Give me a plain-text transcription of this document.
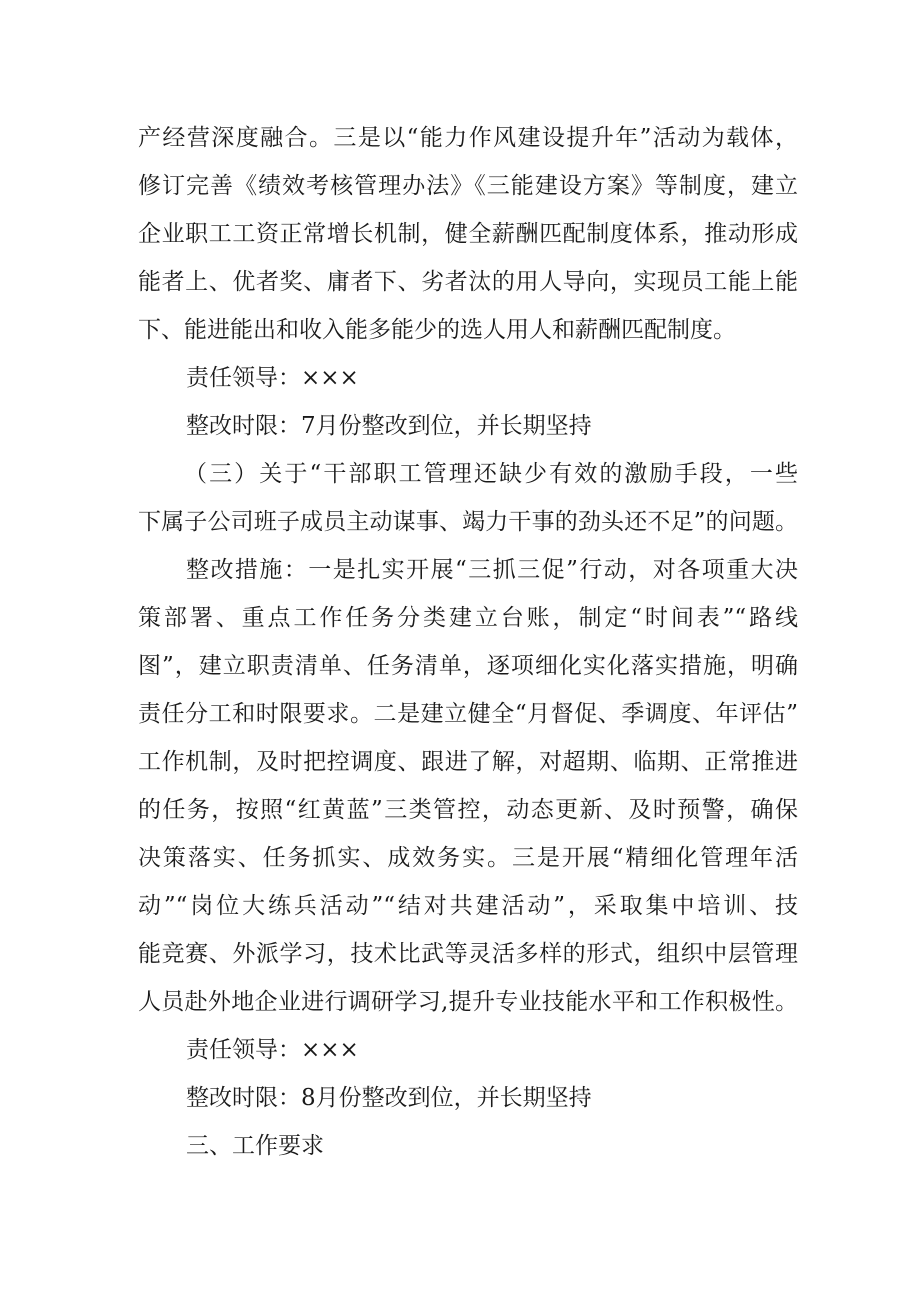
产经营深度融合。三是以“能力作风建设提升年”活动为载体，
修订完善《绩效考核管理办法》《三能建设方案》等制度，建立
企业职工工资正常增长机制，健全薪酬匹配制度体系，推动形成
能者上、优者奖、庸者下、劣者汰的用人导向，实现员工能上能
下、能进能出和收入能多能少的选人用人和薪酬匹配制度。
责任领导：×××
整改时限：7月份整改到位，并长期坚持
（三）关于“干部职工管理还缺少有效的激励手段，一些
下属子公司班子成员主动谋事、竭力干事的劲头还不足”的问题。
整改措施：一是扎实开展“三抓三促”行动，对各项重大决
策部署、重点工作任务分类建立台账，制定“时间表”“路线
图”，建立职责清单、任务清单，逐项细化实化落实措施，明确
责任分工和时限要求。二是建立健全“月督促、季调度、年评估”
工作机制，及时把控调度、跟进了解，对超期、临期、正常推进
的任务，按照“红黄蓝”三类管控，动态更新、及时预警，确保
决策落实、任务抓实、成效务实。三是开展“精细化管理年活
动”“岗位大练兵活动”“结对共建活动”，采取集中培训、技
能竞赛、外派学习，技术比武等灵活多样的形式，组织中层管理
人员赴外地企业进行调研学习,提升专业技能水平和工作积极性。
责任领导：×××
整改时限：8月份整改到位，并长期坚持
三、工作要求
